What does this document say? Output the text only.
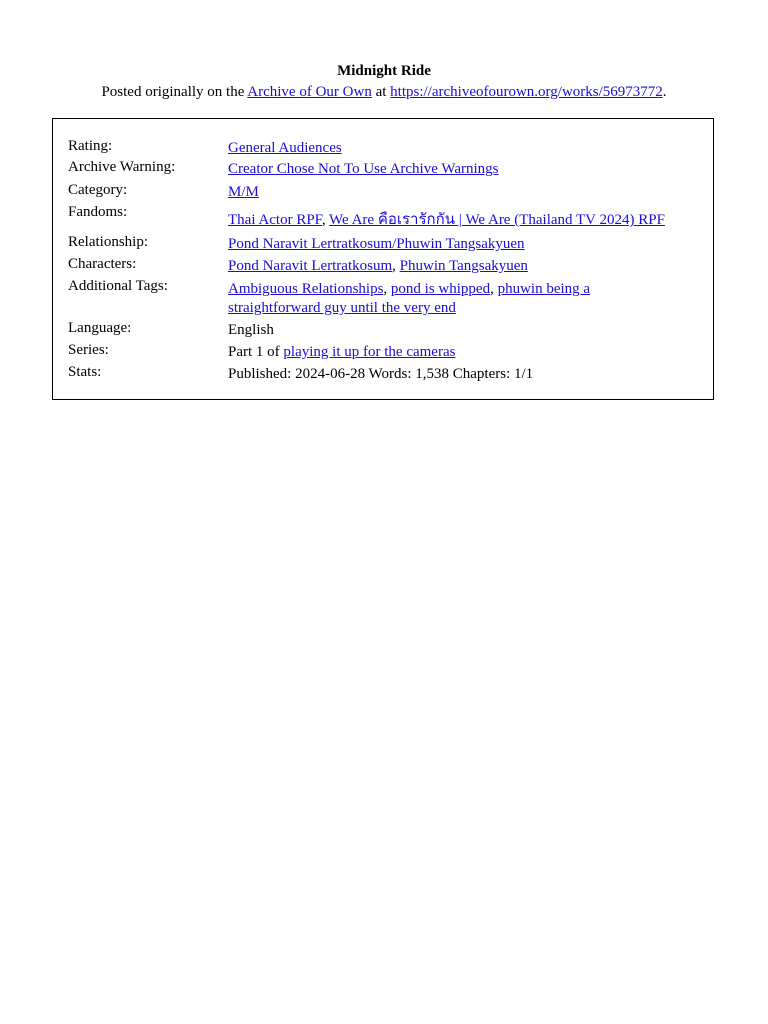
Midnight Ride
Posted originally on the Archive of Our Own at https://archiveofourown.org/works/56973772.
Rating:	General Audiences
Archive Warning:	Creator Chose Not To Use Archive Warnings
Category:	M/M
Fandoms:	Thai Actor RPF, We Are คือเรารักกัน | We Are (Thailand TV 2024) RPF
Relationship:	Pond Naravit Lertratkosum/Phuwin Tangsakyuen
Characters:	Pond Naravit Lertratkosum, Phuwin Tangsakyuen
Additional Tags:	Ambiguous Relationships, pond is whipped, phuwin being a straightforward guy until the very end
Language:	English
Series:	Part 1 of playing it up for the cameras
Stats:	Published: 2024-06-28 Words: 1,538 Chapters: 1/1
